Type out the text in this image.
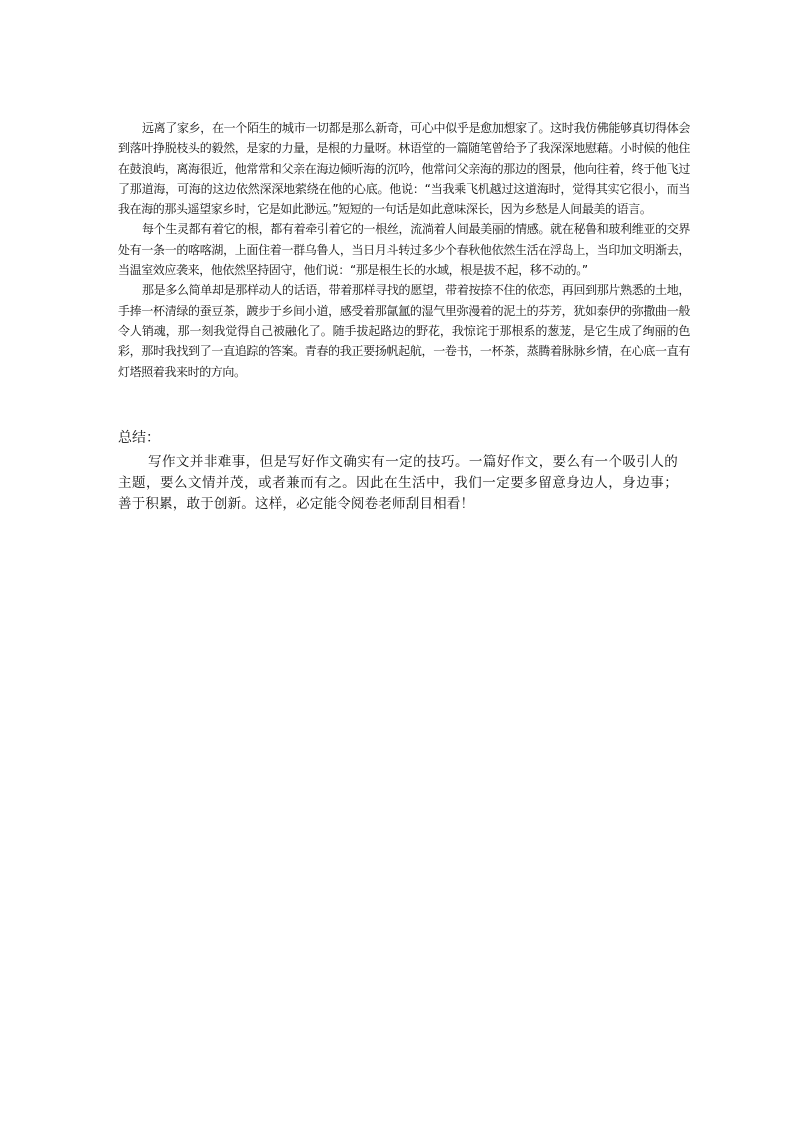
远离了家乡，在一个陌生的城市一切都是那么新奇，可心中似乎是愈加想家了。这时我仿佛能够真切得体会到落叶挣脱枝头的毅然，是家的力量，是根的力量呀。林语堂的一篇随笔曾给予了我深深地慰藉。小时候的他住在鼓浪屿，离海很近，他常常和父亲在海边倾听海的沉吟，他常问父亲海的那边的图景，他向往着，终于他飞过了那道海，可海的这边依然深深地萦绕在他的心底。他说：“当我乘飞机越过这道海时，觉得其实它很小，而当我在海的那头遥望家乡时，它是如此渺远。”短短的一句话是如此意味深长，因为乡愁是人间最美的语言。

每个生灵都有着它的根，都有着牵引着它的一根丝，流淌着人间最美丽的情感。就在秘鲁和玻利维亚的交界处有一条一的喀喀湖，上面住着一群乌鲁人，当日月斗转过多少个春秋他依然生活在浮岛上，当印加文明渐去，当温室效应袭来，他依然坚持固守，他们说：“那是根生长的水域，根是拔不起，移不动的。”

那是多么简单却是那样动人的话语，带着那样寻找的愿望，带着按捺不住的依恋，再回到那片熟悉的土地，手捧一杯清绿的蚕豆茶，踱步于乡间小道，感受着那氤氲的湿气里弥漫着的泥土的芬芳，犹如泰伊的弥撒曲一般令人销魂，那一刻我觉得自己被融化了。随手拔起路边的野花，我惊诧于那根系的葱茏，是它生成了绚丽的色彩，那时我找到了一直追踪的答案。青春的我正要扬帆起航，一卷书，一杯茶，蒸腾着脉脉乡情，在心底一直有灯塔照着我来时的方向。

总结：

写作文并非难事，但是写好作文确实有一定的技巧。一篇好作文，要么有一个吸引人的主题，要么文情并茂，或者兼而有之。因此在生活中，我们一定要多留意身边人，身边事；善于积累，敢于创新。这样，必定能令阅卷老师刮目相看！
